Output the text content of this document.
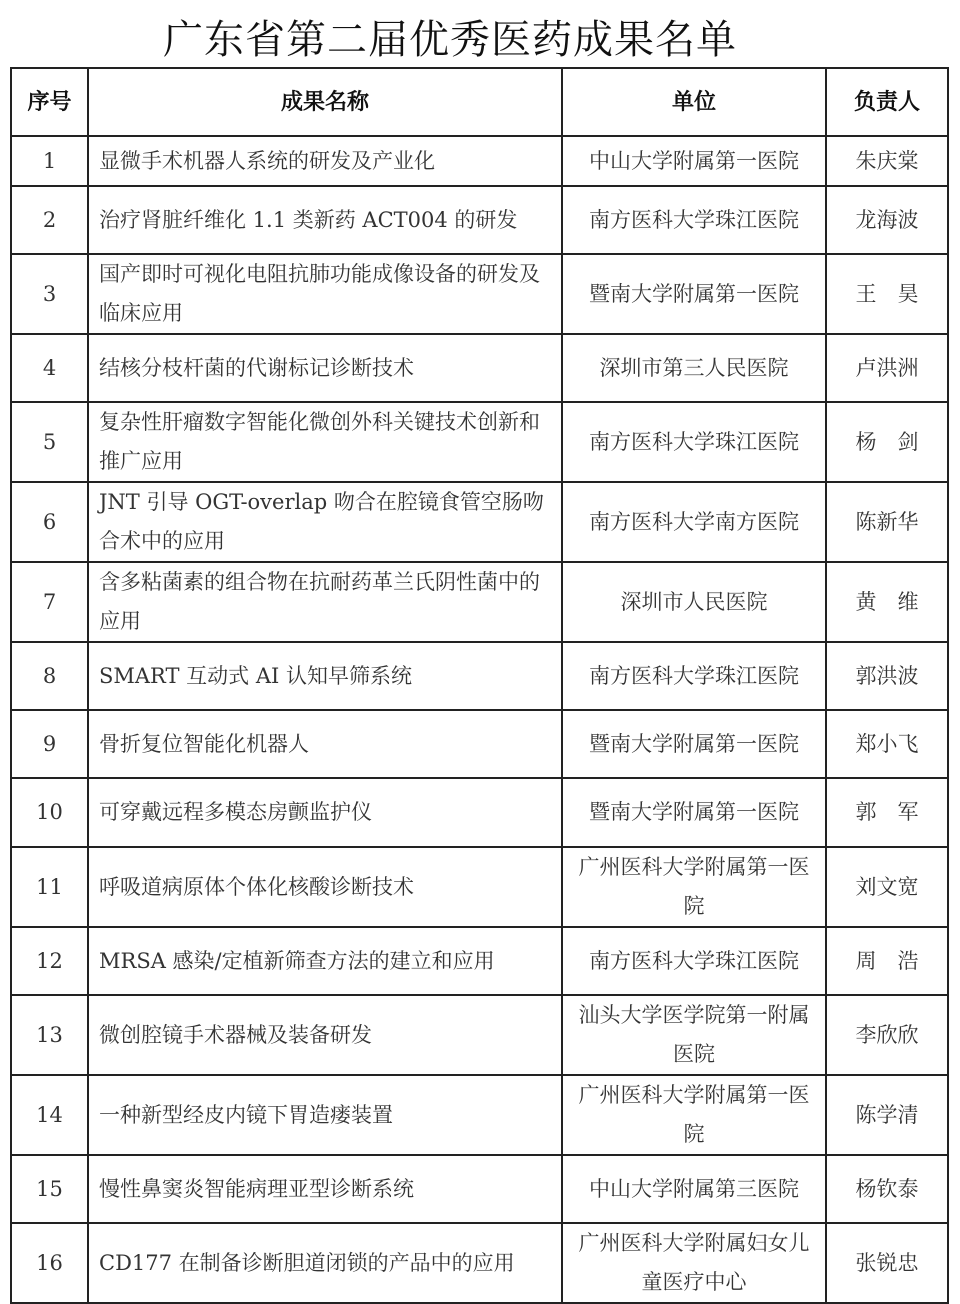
广东省第二届优秀医药成果名单
序号	成果名称	单位	负责人
1	显微手术机器人系统的研发及产业化	中山大学附属第一医院	朱庆棠
2	治疗肾脏纤维化 1.1 类新药 ACT004 的研发	南方医科大学珠江医院	龙海波
3	国产即时可视化电阻抗肺功能成像设备的研发及临床应用	暨南大学附属第一医院	王　昊
4	结核分枝杆菌的代谢标记诊断技术	深圳市第三人民医院	卢洪洲
5	复杂性肝瘤数字智能化微创外科关键技术创新和推广应用	南方医科大学珠江医院	杨　剑
6	JNT 引导 OGT-overlap 吻合在腔镜食管空肠吻合术中的应用	南方医科大学南方医院	陈新华
7	含多粘菌素的组合物在抗耐药革兰氏阴性菌中的应用	深圳市人民医院	黄　维
8	SMART 互动式 AI 认知早筛系统	南方医科大学珠江医院	郭洪波
9	骨折复位智能化机器人	暨南大学附属第一医院	郑小飞
10	可穿戴远程多模态房颤监护仪	暨南大学附属第一医院	郭　军
11	呼吸道病原体个体化核酸诊断技术	广州医科大学附属第一医院	刘文宽
12	MRSA 感染/定植新筛查方法的建立和应用	南方医科大学珠江医院	周　浩
13	微创腔镜手术器械及装备研发	汕头大学医学院第一附属医院	李欣欣
14	一种新型经皮内镜下胃造瘘装置	广州医科大学附属第一医院	陈学清
15	慢性鼻窦炎智能病理亚型诊断系统	中山大学附属第三医院	杨钦泰
16	CD177 在制备诊断胆道闭锁的产品中的应用	广州医科大学附属妇女儿童医疗中心	张锐忠
